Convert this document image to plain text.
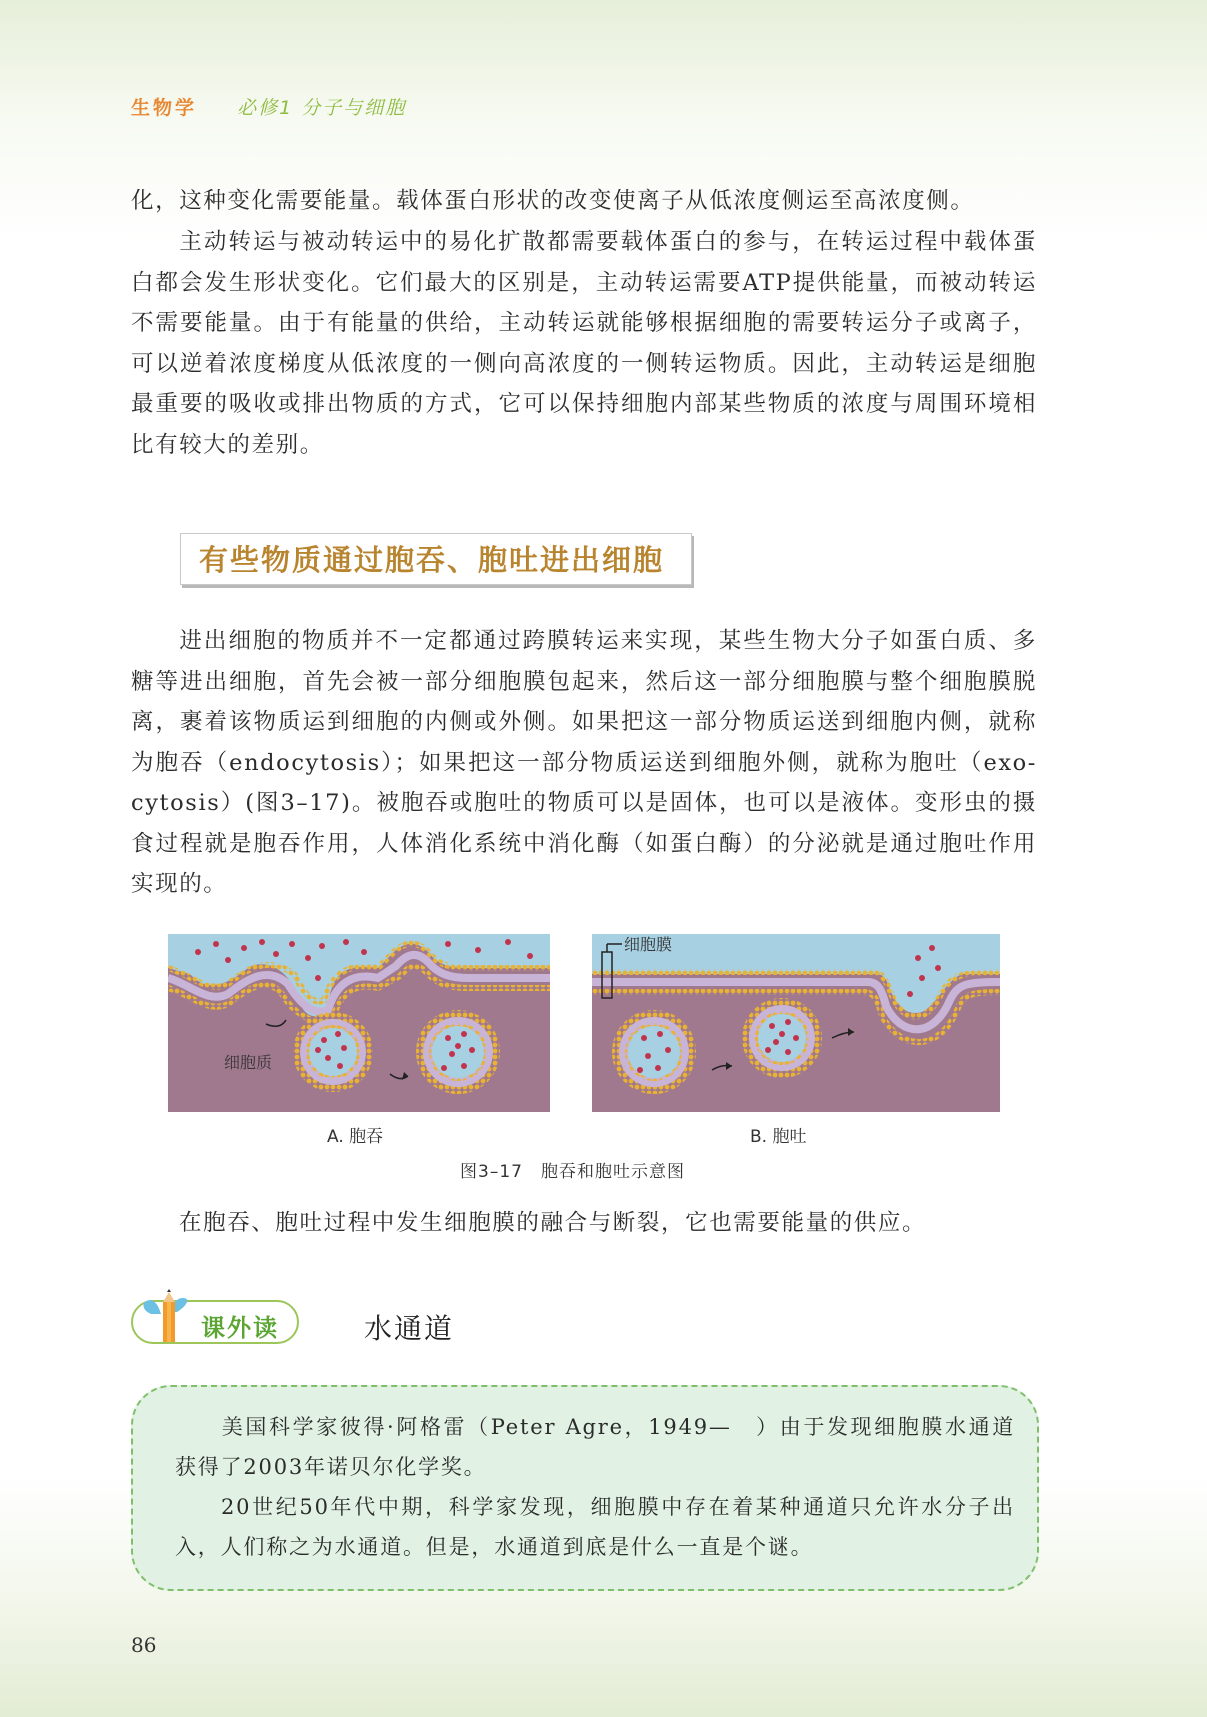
生物学 必修1 分子与细胞

化，这种变化需要能量。载体蛋白形状的改变使离子从低浓度侧运至高浓度侧。

主动转运与被动转运中的易化扩散都需要载体蛋白的参与，在转运过程中载体蛋白都会发生形状变化。它们最大的区别是，主动转运需要ATP提供能量，而被动转运不需要能量。由于有能量的供给，主动转运就能够根据细胞的需要转运分子或离子，可以逆着浓度梯度从低浓度的一侧向高浓度的一侧转运物质。因此，主动转运是细胞最重要的吸收或排出物质的方式，它可以保持细胞内部某些物质的浓度与周围环境相比有较大的差别。

有些物质通过胞吞、胞吐进出细胞

进出细胞的物质并不一定都通过跨膜转运来实现，某些生物大分子如蛋白质、多糖等进出细胞，首先会被一部分细胞膜包起来，然后这一部分细胞膜与整个细胞膜脱离，裹着该物质运到细胞的内侧或外侧。如果把这一部分物质运送到细胞内侧，就称为胞吞（endocytosis）；如果把这一部分物质运送到细胞外侧，就称为胞吐（exo-cytosis）(图3–17)。被胞吞或胞吐的物质可以是固体，也可以是液体。变形虫的摄食过程就是胞吞作用，人体消化系统中消化酶（如蛋白酶）的分泌就是通过胞吐作用实现的。

细胞质
细胞膜
A. 胞吞	B. 胞吐
图3–17　胞吞和胞吐示意图

在胞吞、胞吐过程中发生细胞膜的融合与断裂，它也需要能量的供应。

课外读	水通道

美国科学家彼得·阿格雷（Peter Agre，1949—　）由于发现细胞膜水通道获得了2003年诺贝尔化学奖。

20世纪50年代中期，科学家发现，细胞膜中存在着某种通道只允许水分子出入，人们称之为水通道。但是，水通道到底是什么一直是个谜。

86
